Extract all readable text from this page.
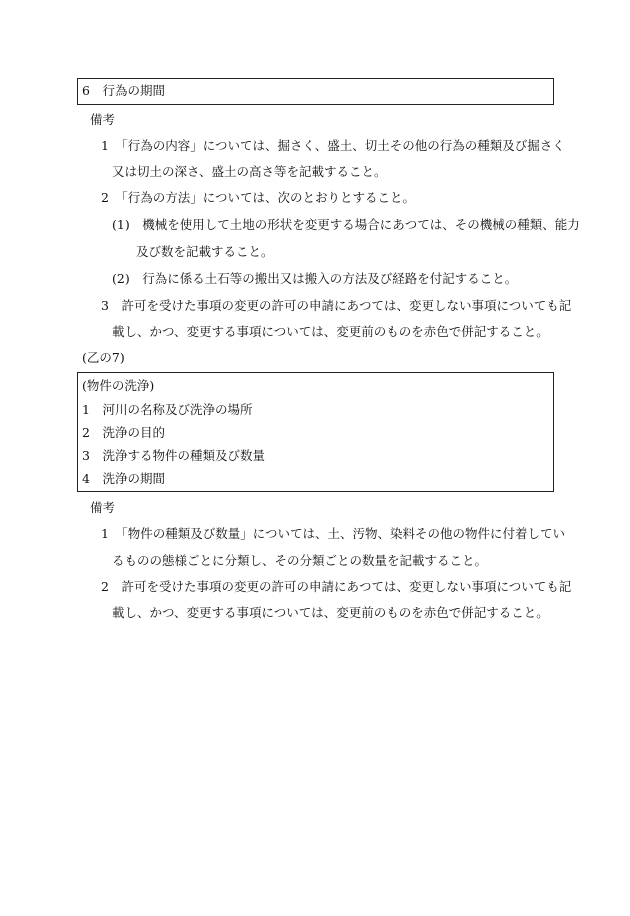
6　行為の期間
備考
1　「行為の内容」については、掘さく、盛土、切土その他の行為の種類及び掘さく
又は切土の深さ、盛土の高さ等を記載すること。
2　「行為の方法」については、次のとおりとすること。
(1)　機械を使用して土地の形状を変更する場合にあつては、その機械の種類、能力
及び数を記載すること。
(2)　行為に係る土石等の搬出又は搬入の方法及び経路を付記すること。
3　許可を受けた事項の変更の許可の申請にあつては、変更しない事項についても記
載し、かつ、変更する事項については、変更前のものを赤色で併記すること。
(乙の7)
(物件の洗浄)
1　河川の名称及び洗浄の場所
2　洗浄の目的
3　洗浄する物件の種類及び数量
4　洗浄の期間
備考
1　「物件の種類及び数量」については、土、汚物、染料その他の物件に付着してい
るものの態様ごとに分類し、その分類ごとの数量を記載すること。
2　許可を受けた事項の変更の許可の申請にあつては、変更しない事項についても記
載し、かつ、変更する事項については、変更前のものを赤色で併記すること。
